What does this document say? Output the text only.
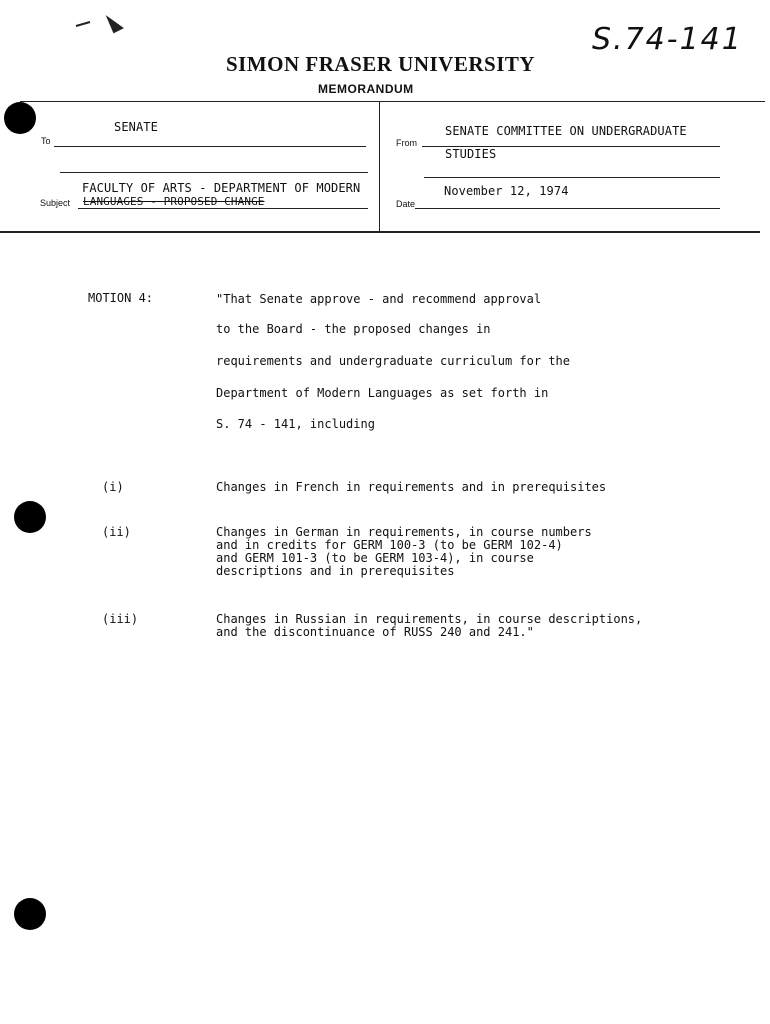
S.74-141
SIMON FRASER UNIVERSITY
MEMORANDUM
To
SENATE
From
SENATE COMMITTEE ON UNDERGRADUATE
STUDIES
FACULTY OF ARTS - DEPARTMENT OF MODERN
Subject LANGUAGES - PROPOSED CHANGE
November 12, 1974
Date
MOTION 4:	"That Senate approve - and recommend approval
to the Board - the proposed changes in
requirements and undergraduate curriculum for the
Department of Modern Languages as set forth in
S. 74 - 141, including
(i)	Changes in French in requirements and in prerequisites
(ii)	Changes in German in requirements, in course numbers
and in credits for GERM 100-3 (to be GERM 102-4)
and GERM 101-3 (to be GERM 103-4), in course
descriptions and in prerequisites
(iii)	Changes in Russian in requirements, in course descriptions,
and the discontinuance of RUSS 240 and 241."
